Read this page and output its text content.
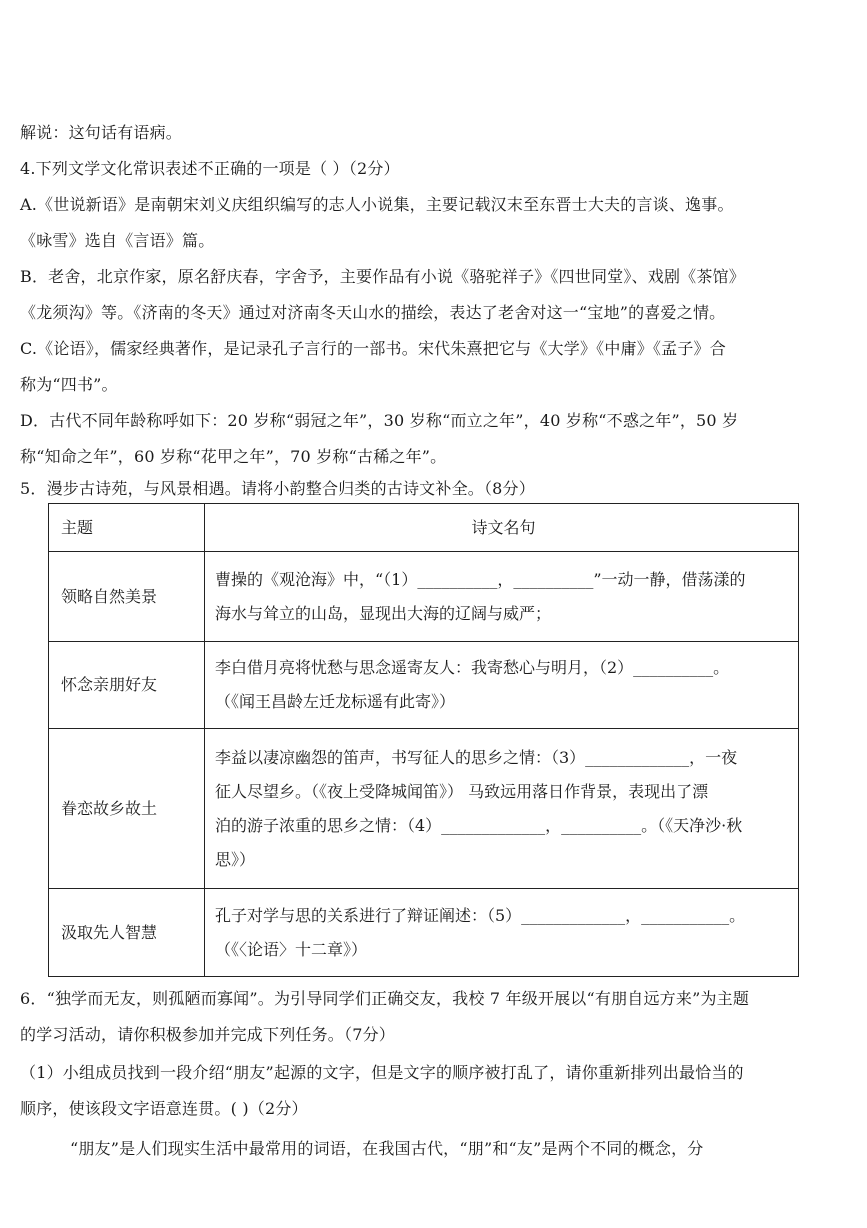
解说：这句话有语病。
4.下列文学文化常识表述不正确的一项是（ ）（2分）
A.《世说新语》是南朝宋刘义庆组织编写的志人小说集，主要记载汉末至东晋士大夫的言谈、逸事。
《咏雪》选自《言语》篇。
B．老舍，北京作家，原名舒庆春，字舍予，主要作品有小说《骆驼祥子》《四世同堂》、戏剧《茶馆》
《龙须沟》等。《济南的冬天》通过对济南冬天山水的描绘，表达了老舍对这一“宝地”的喜爱之情。
C.《论语》，儒家经典著作，是记录孔子言行的一部书。宋代朱熹把它与《大学》《中庸》《孟子》合
称为“四书”。
D．古代不同年龄称呼如下：20 岁称“弱冠之年”，30 岁称“而立之年”，40 岁称“不惑之年”，50 岁
称“知命之年”，60 岁称“花甲之年”，70 岁称“古稀之年”。
5．漫步古诗苑，与风景相遇。请将小韵整合归类的古诗文补全。（8分）
主题	诗文名句
领略自然美景	曹操的《观沧海》中，“（1）__________，__________”一动一静，借荡漾的
海水与耸立的山岛，显现出大海的辽阔与威严；

怀念亲朋好友	李白借月亮将忧愁与思念遥寄友人：我寄愁心与明月，（2）__________。
（《闻王昌龄左迁龙标遥有此寄》）

眷恋故乡故土	李益以凄凉幽怨的笛声，书写征人的思乡之情：（3）_____________，一夜
征人尽望乡。（《夜上受降城闻笛》） 马致远用落日作背景，表现出了漂
泊的游子浓重的思乡之情：（4）_____________，__________。（《天净沙·秋
思》）

汲取先人智慧	孔子对学与思的关系进行了辩证阐述：（5）_____________，___________。
（《〈论语〉十二章》）
6．“独学而无友，则孤陋而寡闻”。为引导同学们正确交友，我校 7 年级开展以“有朋自远方来”为主题
的学习活动，请你积极参加并完成下列任务。（7分）
（1）小组成员找到一段介绍“朋友”起源的文字，但是文字的顺序被打乱了，请你重新排列出最恰当的
顺序，使该段文字语意连贯。( )（2分）
“朋友”是人们现实生活中最常用的词语，在我国古代，“朋”和“友”是两个不同的概念，分
